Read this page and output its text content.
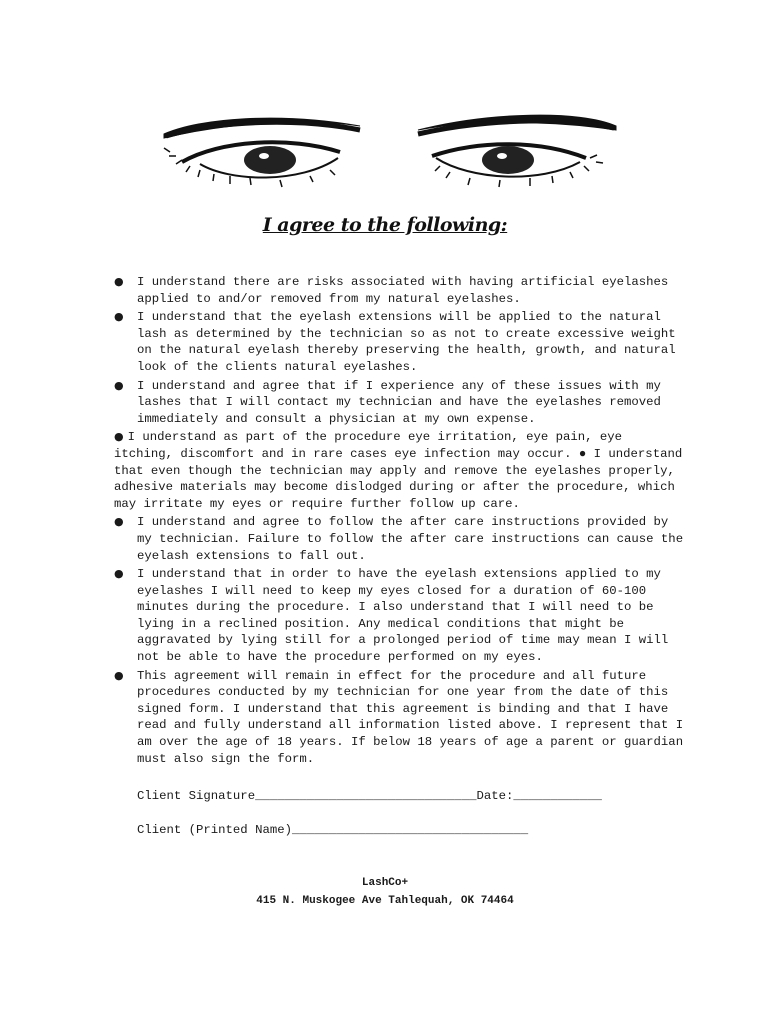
I agree to the following:
● I understand there are risks associated with having artificial eyelashes applied to and/or removed from my natural eyelashes.
● I understand that the eyelash extensions will be applied to the natural lash as determined by the technician so as not to create excessive weight on the natural eyelash thereby preserving the health, growth, and natural look of the clients natural eyelashes.
● I understand and agree that if I experience any of these issues with my lashes that I will contact my technician and have the eyelashes removed immediately and consult a physician at my own expense.
● I understand as part of the procedure eye irritation, eye pain, eye itching, discomfort and in rare cases eye infection may occur. ● I understand that even though the technician may apply and remove the eyelashes properly, adhesive materials may become dislodged during or after the procedure, which may irritate my eyes or require further follow up care.
● I understand and agree to follow the after care instructions provided by my technician. Failure to follow the after care instructions can cause the eyelash extensions to fall out.
● I understand that in order to have the eyelash extensions applied to my eyelashes I will need to keep my eyes closed for a duration of 60-100 minutes during the procedure. I also understand that I will need to be lying in a reclined position. Any medical conditions that might be aggravated by lying still for a prolonged period of time may mean I will not be able to have the procedure performed on my eyes.
● This agreement will remain in effect for the procedure and all future procedures conducted by my technician for one year from the date of this signed form. I understand that this agreement is binding and that I have read and fully understand all information listed above. I represent that I am over the age of 18 years. If below 18 years of age a parent or guardian must also sign the form.
Client Signature______________________________Date:____________
Client (Printed Name)________________________________
LashCo+
415 N. Muskogee Ave Tahlequah, OK 74464
